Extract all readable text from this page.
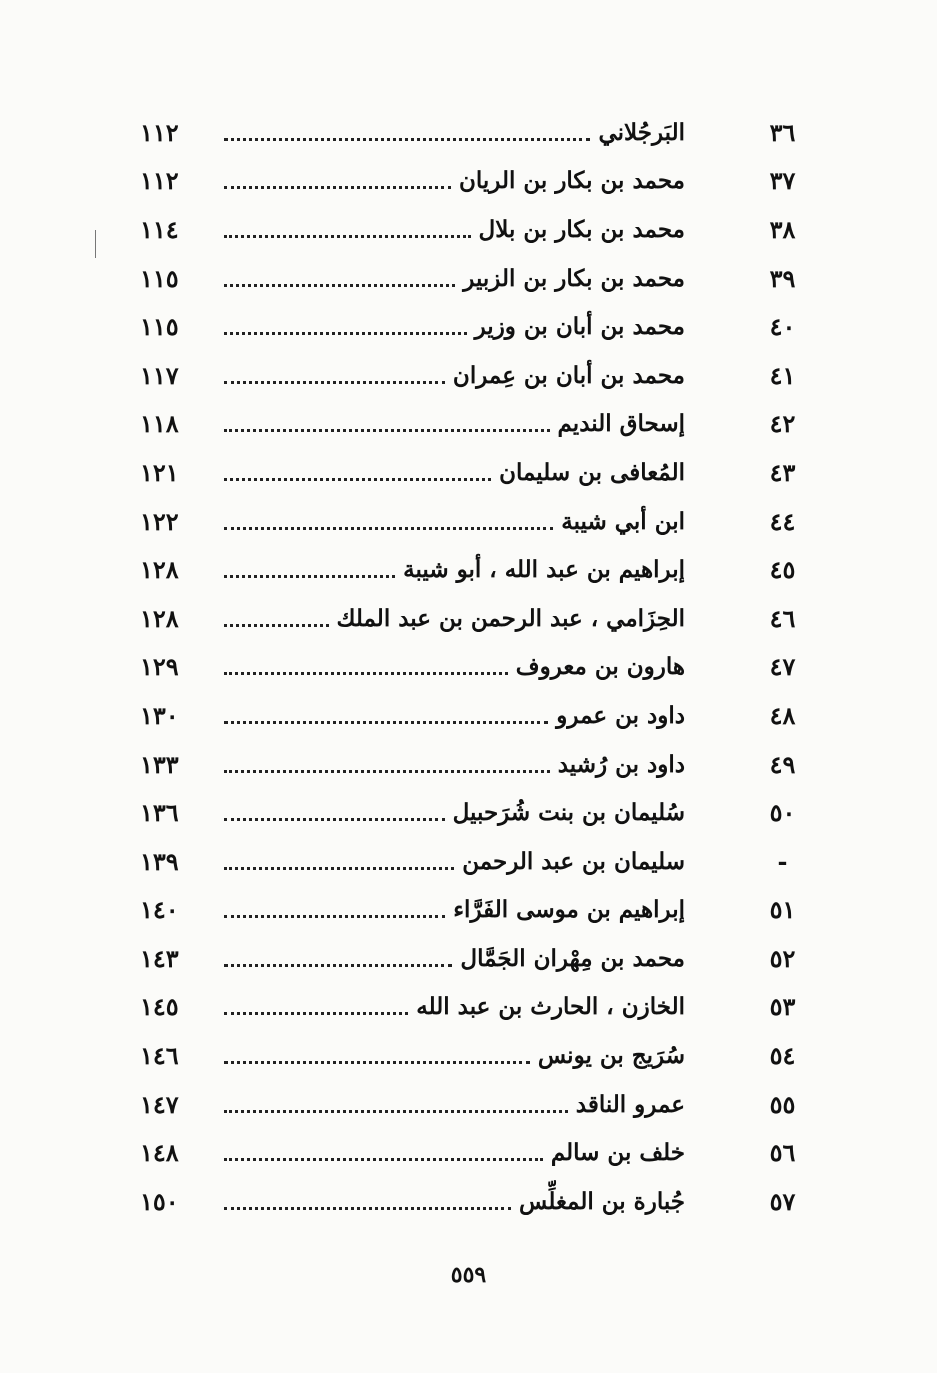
٣٦
البَرجُلاني
١١٢
٣٧
محمد بن بكار بن الريان
١١٢
٣٨
محمد بن بكار بن بلال
١١٤
٣٩
محمد بن بكار بن الزبير
١١٥
٤٠
محمد بن أبان بن وزير
١١٥
٤١
محمد بن أبان بن عِمران
١١٧
٤٢
إسحاق النديم
١١٨
٤٣
المُعافى بن سليمان
١٢١
٤٤
ابن أبي شيبة
١٢٢
٤٥
إبراهيم بن عبد الله ، أبو شيبة
١٢٨
٤٦
الحِزَامي ، عبد الرحمن بن عبد الملك
١٢٨
٤٧
هارون بن معروف
١٢٩
٤٨
داود بن عمرو
١٣٠
٤٩
داود بن رُشيد
١٣٣
٥٠
سُليمان بن بنت شُرَحبيل
١٣٦
-
سليمان بن عبد الرحمن
١٣٩
٥١
إبراهيم بن موسى الفَرَّاء
١٤٠
٥٢
محمد بن مِهْران الجَمَّال
١٤٣
٥٣
الخازن ، الحارث بن عبد الله
١٤٥
٥٤
سُرَيج بن يونس
١٤٦
٥٥
عمرو الناقد
١٤٧
٥٦
خلف بن سالم
١٤٨
٥٧
جُبارة بن المغلِّس
١٥٠
٥٥٩
